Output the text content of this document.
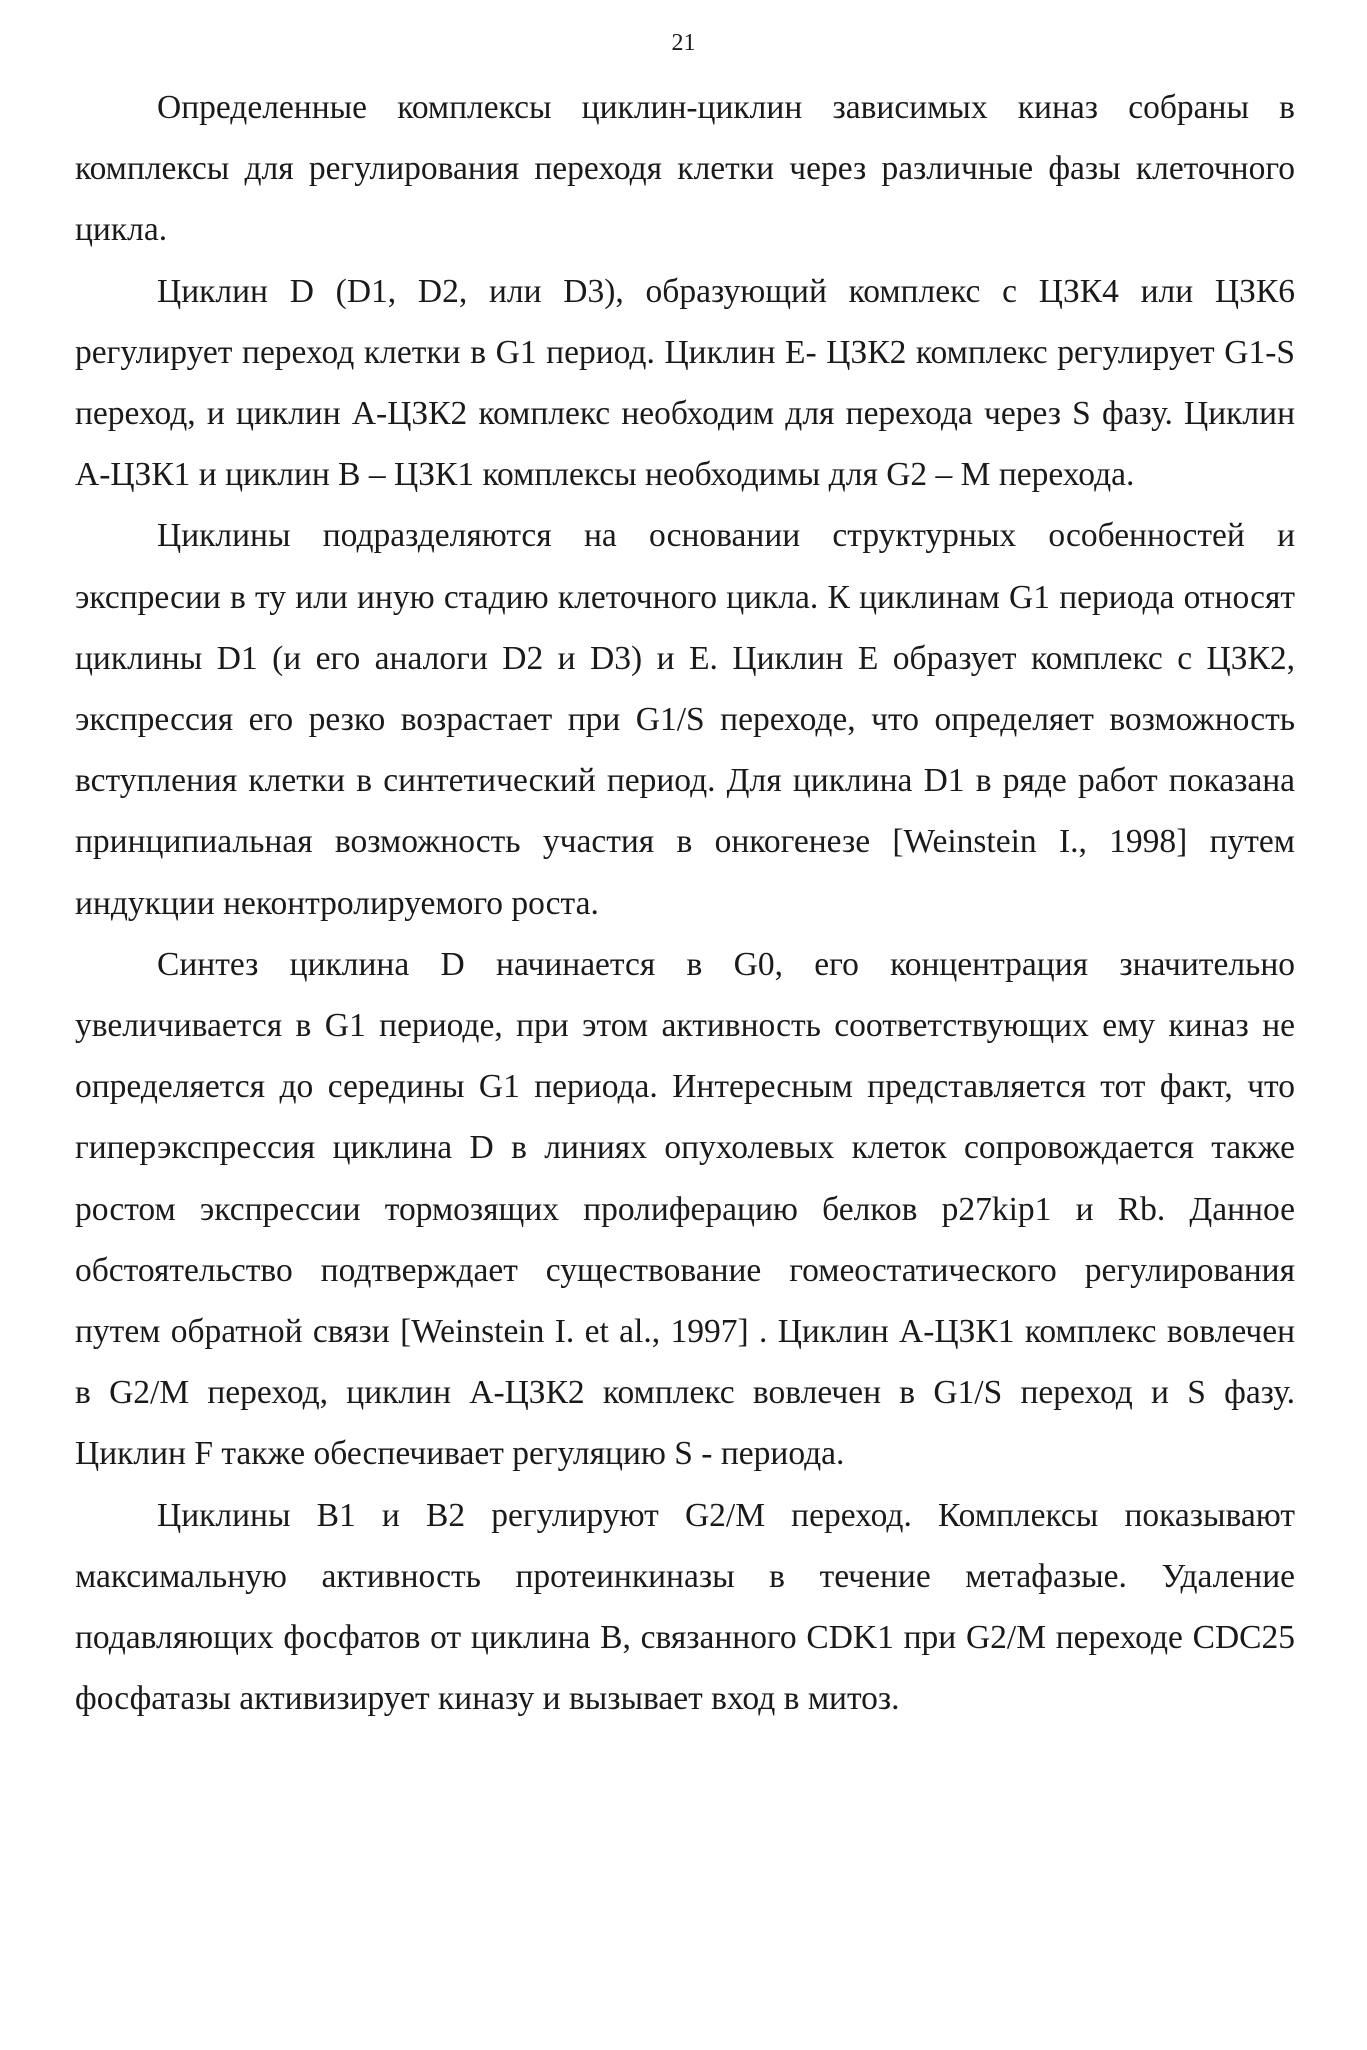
21

Определенные комплексы циклин-циклин зависимых киназ собраны в комплексы для регулирования переходя клетки через различные фазы клеточного цикла.

Циклин D (D1, D2, или D3), образующий комплекс с ЦЗК4 или ЦЗК6 регулирует переход клетки в G1 период. Циклин Е- ЦЗК2 комплекс регулирует G1-S переход, и циклин А-ЦЗК2 комплекс необходим для перехода через S фазу. Циклин А-ЦЗК1 и циклин В – ЦЗК1 комплексы необходимы для G2 – М перехода.

Циклины подразделяются на основании структурных особенностей и экспресии в ту или иную стадию клеточного цикла. К циклинам G1 периода относят циклины D1 (и его аналоги D2 и D3) и Е. Циклин Е образует комплекс с ЦЗК2, экспрессия его резко возрастает при G1/S переходе, что определяет возможность вступления клетки в синтетический период. Для циклина D1 в ряде работ показана принципиальная возможность участия в онкогенезе [Weinstein I., 1998] путем индукции неконтролируемого роста.

Синтез циклина D начинается в G0, его концентрация значительно увеличивается в G1 периоде, при этом активность соответствующих ему киназ не определяется до середины G1 периода. Интересным представляется тот факт, что гиперэкспрессия циклина D в линиях опухолевых клеток сопровождается также ростом экспрессии тормозящих пролиферацию белков p27kip1 и Rb. Данное обстоятельство подтверждает существование гомеостатического регулирования путем обратной связи [Weinstein I. et al., 1997] . Циклин А-ЦЗК1 комплекс вовлечен в G2/M переход, циклин А-ЦЗК2 комплекс вовлечен в G1/S переход и S фазу. Циклин F также обеспечивает регуляцию S - периода.

Циклины В1 и В2 регулируют G2/M переход. Комплексы показывают максимальную активность протеинкиназы в течение метафазые. Удаление подавляющих фосфатов от циклина В, связанного CDK1 при G2/M переходе CDC25 фосфатазы активизирует киназу и вызывает вход в митоз.
